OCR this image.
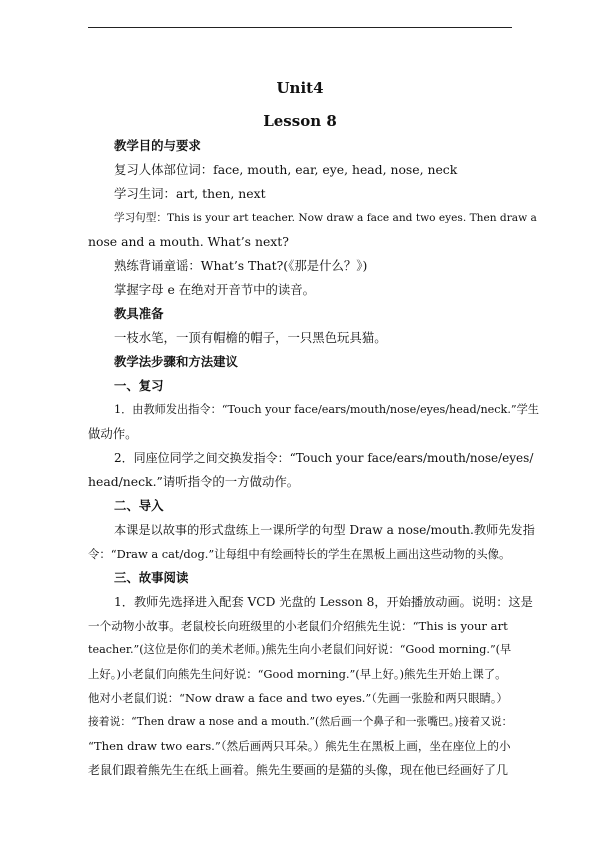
Unit4
Lesson 8
教学目的与要求
复习人体部位词：face, mouth, ear, eye, head, nose, neck
学习生词：art, then, next
学习句型：This is your art teacher. Now draw a face and two eyes. Then draw a
nose and a mouth. What’s next?
熟练背诵童谣：What’s That?(《那是什么？》)
掌握字母 e 在绝对开音节中的读音。
教具准备
一枝水笔，一顶有帽檐的帽子，一只黑色玩具猫。
教学法步骤和方法建议
一、复习
1．由教师发出指令：“Touch your face/ears/mouth/nose/eyes/head/neck.”学生
做动作。
2．同座位同学之间交换发指令：“Touch your face/ears/mouth/nose/eyes/
head/neck.”请听指令的一方做动作。
二、导入
本课是以故事的形式盘练上一课所学的句型 Draw a nose/mouth.教师先发指
令：“Draw a cat/dog.”让每组中有绘画特长的学生在黑板上画出这些动物的头像。
三、故事阅读
1．教师先选择进入配套 VCD 光盘的 Lesson 8，开始播放动画。说明：这是
一个动物小故事。老鼠校长向班级里的小老鼠们介绍熊先生说：“This is your art
teacher.”(这位是你们的美术老师。)熊先生向小老鼠们问好说：“Good morning.”(早
上好。)小老鼠们向熊先生问好说：“Good morning.”(早上好。)熊先生开始上课了。
他对小老鼠们说：“Now draw a face and two eyes.”（先画一张脸和两只眼睛。）
接着说：“Then draw a nose and a mouth.”(然后画一个鼻子和一张嘴巴。)接着又说：
“Then draw two ears.”（然后画两只耳朵。）熊先生在黑板上画，坐在座位上的小
老鼠们跟着熊先生在纸上画着。熊先生要画的是猫的头像，现在他已经画好了几
